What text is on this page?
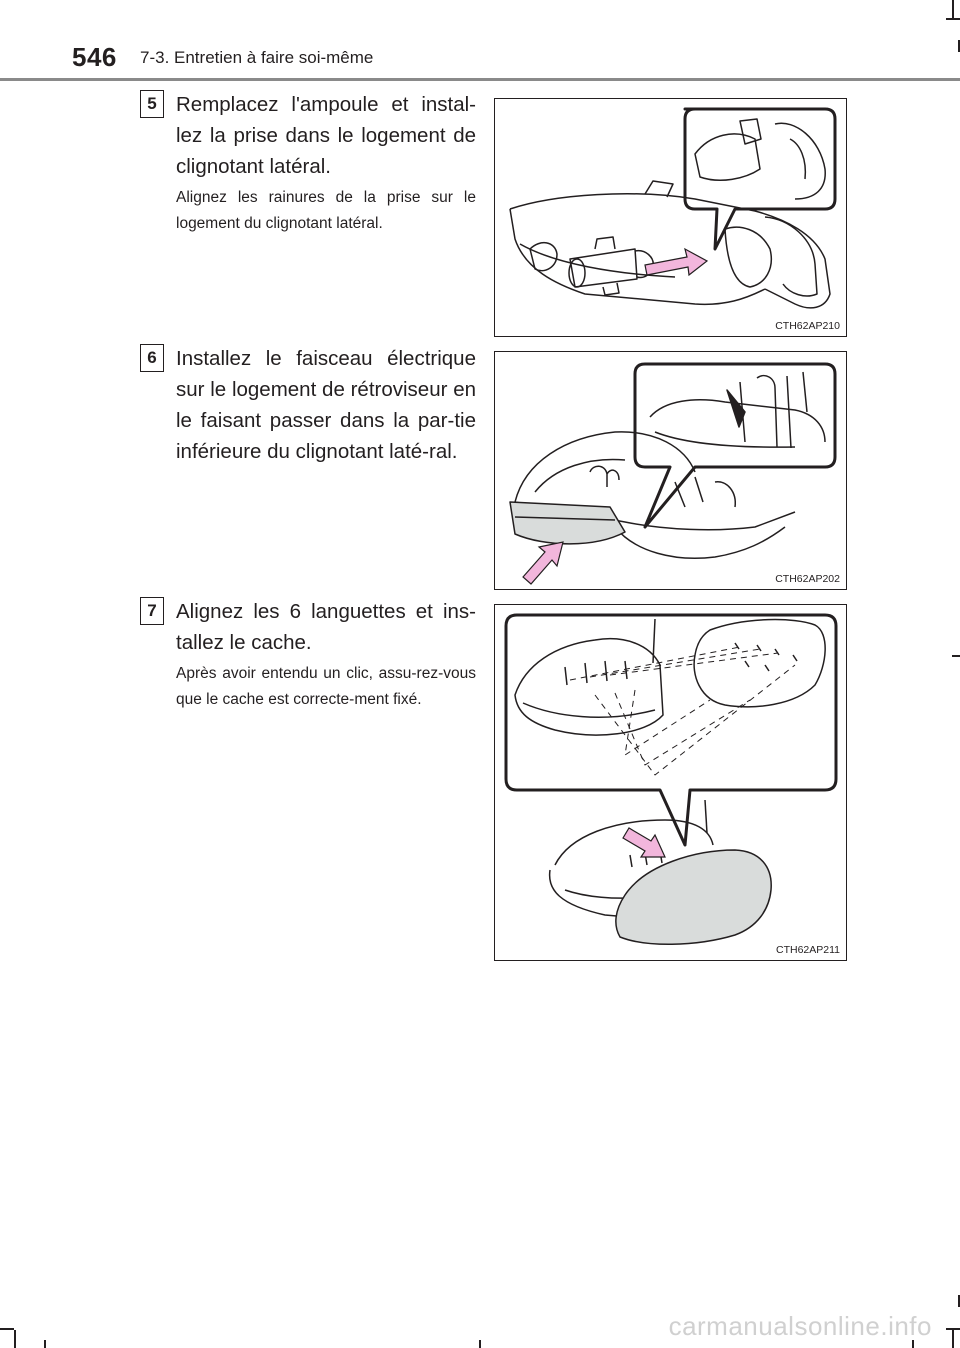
546 7-3. Entretien à faire soi-même
5 Remplacez l'ampoule et instal-lez la prise dans le logement de clignotant latéral.
Alignez les rainures de la prise sur le logement du clignotant latéral.
CTH62AP210
6 Installez le faisceau électrique sur le logement de rétroviseur en le faisant passer dans la par-tie inférieure du clignotant laté-ral.
CTH62AP202
7 Alignez les 6 languettes et ins-tallez le cache.
Après avoir entendu un clic, assu-rez-vous que le cache est correcte-ment fixé.
CTH62AP211
carmanualsonline.info
